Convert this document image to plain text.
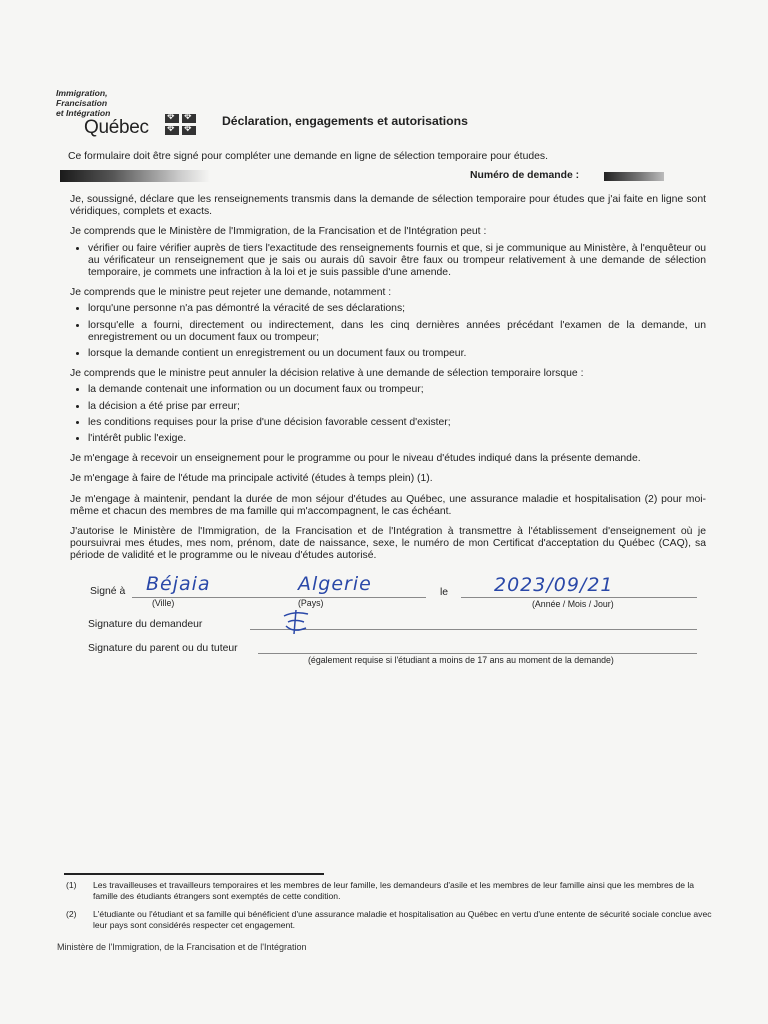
Immigration,
Francisation
et Intégration
Québec ✥ ✥
✥
✥	Déclaration, engagements et autorisations
Ce formulaire doit être signé pour compléter une demande en ligne de sélection temporaire pour études.
Numéro de demande :

Je, soussigné, déclare que les renseignements transmis dans la demande de sélection temporaire pour études que j'ai faite en ligne sont véridiques, complets et exacts.

Je comprends que le Ministère de l'Immigration, de la Francisation et de l'Intégration peut :

• vérifier ou faire vérifier auprès de tiers l'exactitude des renseignements fournis et que, si je communique au Ministère, à l'enquêteur ou au vérificateur un renseignement que je sais ou aurais dû savoir être faux ou trompeur relativement à une demande de sélection temporaire, je commets une infraction à la loi et je suis passible d'une amende.

Je comprends que le ministre peut rejeter une demande, notamment :

• lorqu'une personne n'a pas démontré la véracité de ses déclarations;
• lorsqu'elle a fourni, directement ou indirectement, dans les cinq dernières années précédant l'examen de la demande, un enregistrement ou un document faux ou trompeur;
• lorsque la demande contient un enregistrement ou un document faux ou trompeur.

Je comprends que le ministre peut annuler la décision relative à une demande de sélection temporaire lorsque :

• la demande contenait une information ou un document faux ou trompeur;
• la décision a été prise par erreur;
• les conditions requises pour la prise d'une décision favorable cessent d'exister;
• l'intérêt public l'exige.

Je m'engage à recevoir un enseignement pour le programme ou pour le niveau d'études indiqué dans la présente demande.

Je m'engage à faire de l'étude ma principale activité (études à temps plein) (1).

Je m'engage à maintenir, pendant la durée de mon séjour d'études au Québec, une assurance maladie et hospitalisation (2) pour moi-même et chacun des membres de ma famille qui m'accompagnent, le cas échéant.

J'autorise le Ministère de l'Immigration, de la Francisation et de l'Intégration à transmettre à l'établissement d'enseignement où je poursuivrai mes études, mes nom, prénom, date de naissance, sexe, le numéro de mon Certificat d'acceptation du Québec (CAQ), sa période de validité et le programme ou le niveau d'études autorisé.

Signé à Béjaia
(Ville)
Algerie
(Pays)
le 2023/09/21
(Année / Mois / Jour)
Signature du demandeur
Signature du parent ou du tuteur
(également requise si l'étudiant a moins de 17 ans au moment de la demande)
(1) Les travailleuses et travailleurs temporaires et les membres de leur famille, les demandeurs d'asile et les membres de leur famille ainsi que les membres de la famille des étudiants étrangers sont exemptés de cette condition.
(2) L'étudiante ou l'étudiant et sa famille qui bénéficient d'une assurance maladie et hospitalisation au Québec en vertu d'une entente de sécurité sociale conclue avec leur pays sont considérés respecter cet engagement.
Ministère de l'Immigration, de la Francisation et de l'Intégration
